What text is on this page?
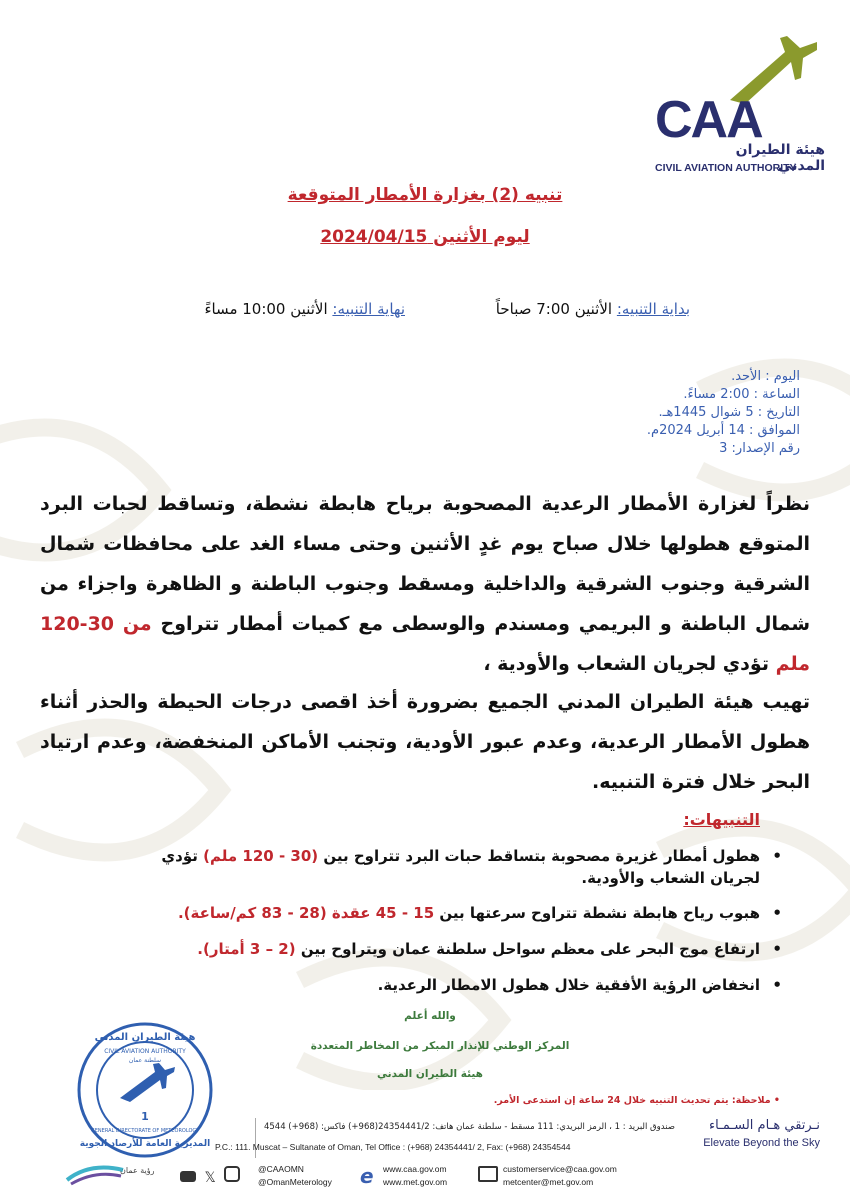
CAA
هيئة الطيران المدني
CIVIL AVIATION AUTHORITY
تنبيه (2) بغزارة الأمطار المتوقعة
ليوم الأثنين 2024/04/15
بداية التنبيه: الأثنين 7:00 صباحاً
نهاية التنبيه: الأثنين 10:00 مساءً
اليوم : الأحد.
الساعة : 2:00 مساءً.
التاريخ : 5 شوال 1445هـ.
الموافق : 14 أبريل 2024م.
رقم الإصدار: 3
نظراً لغزارة الأمطار الرعدية المصحوبة برياح هابطة نشطة، وتساقط لحبات البرد المتوقع هطولها خلال صباح يوم غدٍ الأثنين وحتى مساء الغد على محافظات شمال الشرقية وجنوب الشرقية والداخلية ومسقط وجنوب الباطنة و الظاهرة واجزاء من شمال الباطنة و البريمي ومسندم والوسطى مع كميات أمطار تتراوح من 30-120 ملم تؤدي لجريان الشعاب والأودية ،
تهيب هيئة الطيران المدني الجميع بضرورة أخذ اقصى درجات الحيطة والحذر أثناء هطول الأمطار الرعدية، وعدم عبور الأودية، وتجنب الأماكن المنخفضة، وعدم ارتياد البحر خلال فترة التنبيه.
التنبيهات:
•
هطول أمطار غزيرة مصحوبة بتساقط حبات البرد تتراوح بين (30 - 120 ملم) تؤدي لجريان الشعاب والأودية.
•
هبوب رياح هابطة نشطة تتراوح سرعتها بين 15 - 45 عقدة (28 - 83 كم/ساعة).
•
ارتفاع موج البحر على معظم سواحل سلطنة عمان ويتراوح بين (2 – 3 أمتار).
•
انخفاض الرؤية الأفقية خلال هطول الامطار الرعدية.
والله أعلم
المركز الوطني للإنذار المبكر من المخاطر المتعددة
هيئة الطيران المدني
هيئة الطيران المدني
CIVIL AVIATION AUTHORITY
سلطنة عمان
1
GENERAL DIRECTORATE OF METEOROLOGY
المديرية العامة للأرصاد الجوية
• ملاحظة: يتم تحديث التنبيه خلال 24 ساعة إن استدعى الأمر.
نـرتقي هـام السـمـاء
Elevate Beyond the Sky
صندوق البريد : 1 ، الرمز البريدي: 111 مسقط - سلطنة عمان هاتف: 24354441/2(968+) فاكس: (968+) 4544
P.C.: 111. Muscat – Sultanate of Oman, Tel Office : (+968) 24354441/ 2, Fax: (+968) 24354544
𝕏
@CAAOMN
@OmanMeterology e www.caa.gov.om
www.met.gov.om
customerservice@caa.gov.om
metcenter@met.gov.om
رؤية عمان
